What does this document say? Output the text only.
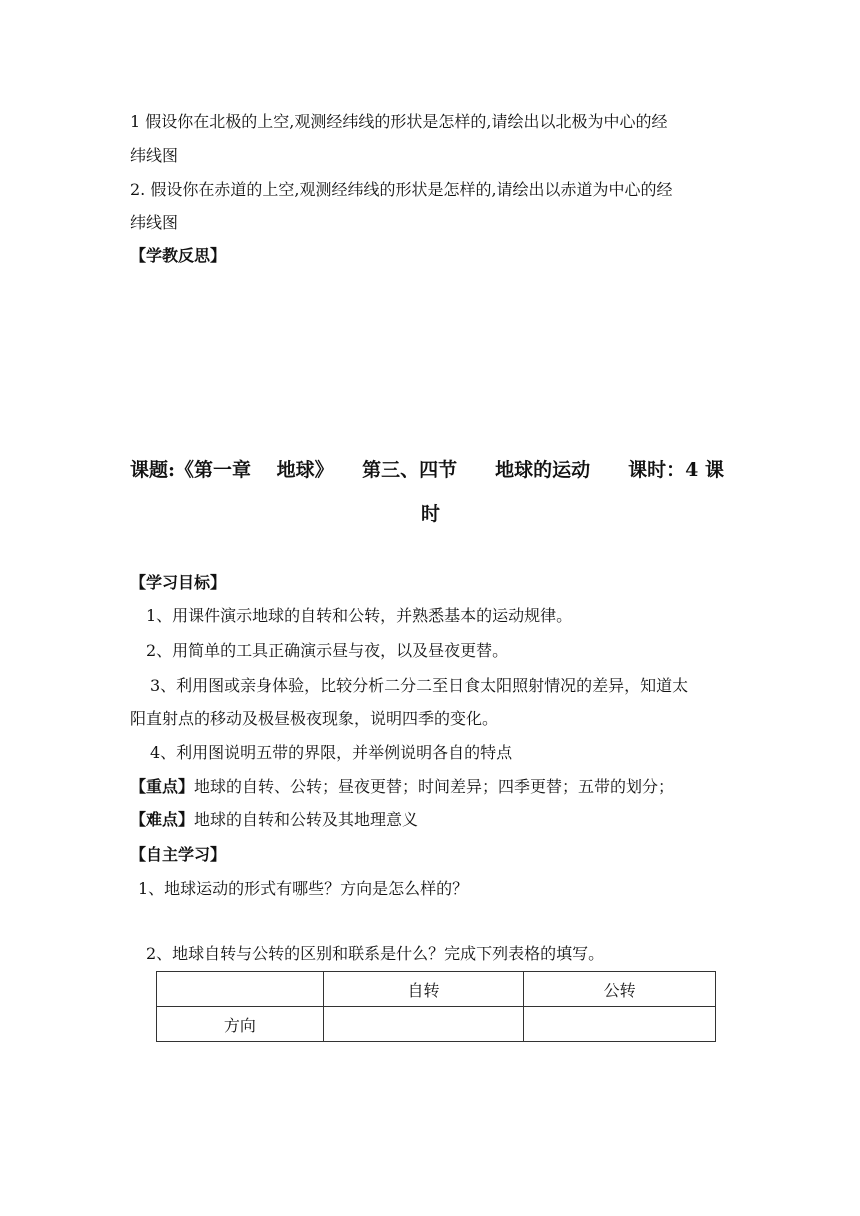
1 假设你在北极的上空,观测经纬线的形状是怎样的,请绘出以北极为中心的经
纬线图
2. 假设你在赤道的上空,观测经纬线的形状是怎样的,请绘出以赤道为中心的经
纬线图
【学教反思】
课题:《第一章　 地球》　　第三、四节　　地球的运动　　课时：4 课
时
【学习目标】
1、用课件演示地球的自转和公转，并熟悉基本的运动规律。
2、用简单的工具正确演示昼与夜，以及昼夜更替。
3、利用图或亲身体验，比较分析二分二至日食太阳照射情况的差异，知道太
阳直射点的移动及极昼极夜现象，说明四季的变化。
4、利用图说明五带的界限，并举例说明各自的特点
【重点】地球的自转、公转；昼夜更替；时间差异；四季更替；五带的划分；
【难点】地球的自转和公转及其地理意义
【自主学习】
1、地球运动的形式有哪些？方向是怎么样的？
2、地球自转与公转的区别和联系是什么？完成下列表格的填写。
	自转	公转
方向		
